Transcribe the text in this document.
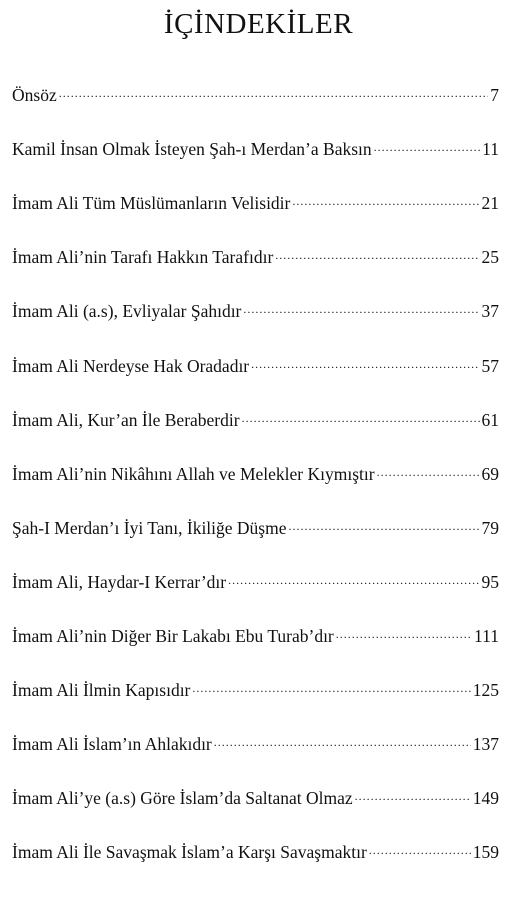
İÇİNDEKİLER
Önsöz .....	7
Kamil İnsan Olmak İsteyen Şah-ı Merdan’a Baksın .....	11
İmam Ali Tüm Müslümanların Velisidir .....	21
İmam Ali’nin Tarafı Hakkın Tarafıdır .....	25
İmam Ali (a.s), Evliyalar Şahıdır .....	37
İmam Ali Nerdeyse Hak Oradadır .....	57
İmam Ali, Kur’an İle Beraberdir .....	61
İmam Ali’nin Nikâhını Allah ve Melekler Kıymıştır .....	69
Şah-I Merdan’ı İyi Tanı, İkiliğe Düşme .....	79
İmam Ali, Haydar-I Kerrar’dır .....	95
İmam Ali’nin Diğer Bir Lakabı Ebu Turab’dır .....	111
İmam Ali İlmin Kapısıdır .....	125
İmam Ali İslam’ın Ahlakıdır .....	137
İmam Ali’ye (a.s) Göre İslam’da Saltanat Olmaz .....	149
İmam Ali İle Savaşmak İslam’a Karşı Savaşmaktır .....	159
